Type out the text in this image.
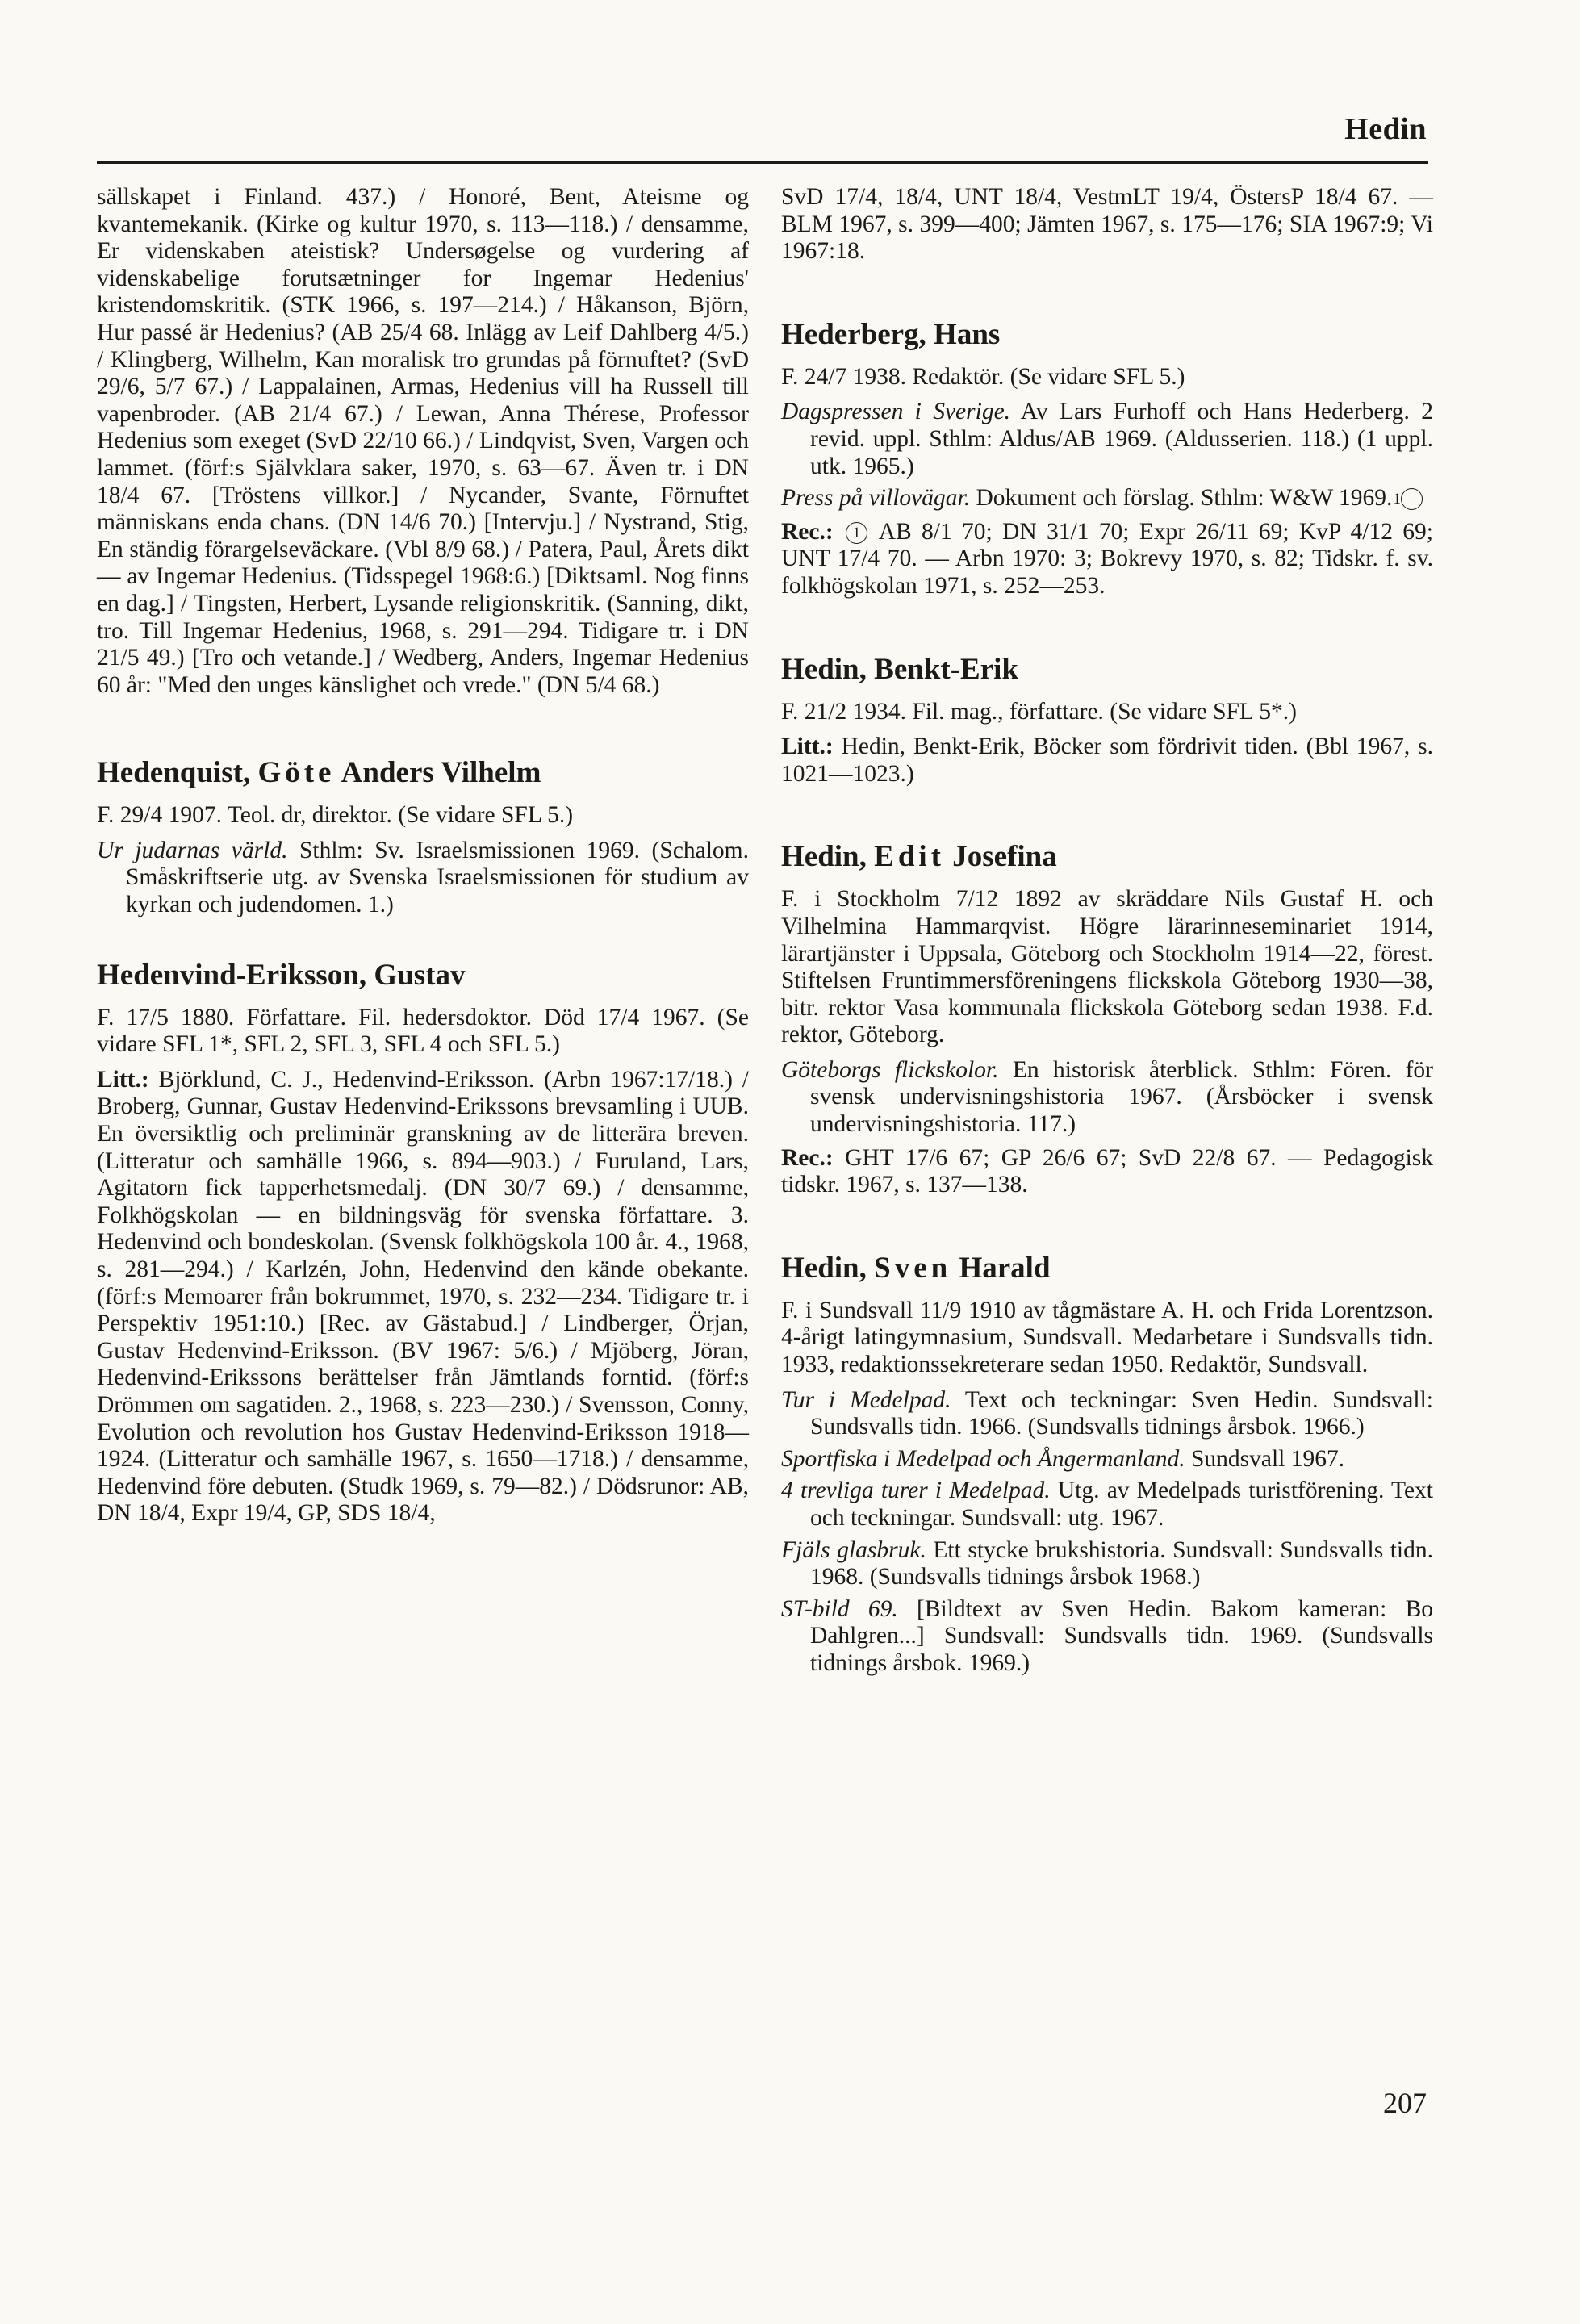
Hedin

sällskapet i Finland. 437.) / Honoré, Bent, Ateisme og kvantemekanik. (Kirke og kultur 1970, s. 113—118.) / densamme, Er videnskaben ateistisk? Undersøgelse og vurdering af videnskabelige forutsætninger for Ingemar Hedenius' kristendomskritik. (STK 1966, s. 197—214.) / Håkanson, Björn, Hur passé är Hedenius? (AB 25/4 68. Inlägg av Leif Dahlberg 4/5.) / Klingberg, Wilhelm, Kan moralisk tro grundas på förnuftet? (SvD 29/6, 5/7 67.) / Lappalainen, Armas, Hedenius vill ha Russell till vapenbroder. (AB 21/4 67.) / Lewan, Anna Thérese, Professor Hedenius som exeget (SvD 22/10 66.) / Lindqvist, Sven, Vargen och lammet. (förf:s Självklara saker, 1970, s. 63—67. Även tr. i DN 18/4 67. [Tröstens villkor.] / Nycander, Svante, Förnuftet människans enda chans. (DN 14/6 70.) [Intervju.] / Nystrand, Stig, En ständig förargelseväckare. (Vbl 8/9 68.) / Patera, Paul, Årets dikt — av Ingemar Hedenius. (Tidsspegel 1968:6.) [Diktsaml. Nog finns en dag.] / Tingsten, Herbert, Lysande religionskritik. (Sanning, dikt, tro. Till Ingemar Hedenius, 1968, s. 291—294. Tidigare tr. i DN 21/5 49.) [Tro och vetande.] / Wedberg, Anders, Ingemar Hedenius 60 år: "Med den unges känslighet och vrede." (DN 5/4 68.)

Hedenquist, Göte Anders Vilhelm

F. 29/4 1907. Teol. dr, direktor. (Se vidare SFL 5.)

Ur judarnas värld. Sthlm: Sv. Israelsmissionen 1969. (Schalom. Småskriftserie utg. av Svenska Israelsmissionen för studium av kyrkan och judendomen. 1.)

Hedenvind-Eriksson, Gustav

F. 17/5 1880. Författare. Fil. hedersdoktor. Död 17/4 1967. (Se vidare SFL 1*, SFL 2, SFL 3, SFL 4 och SFL 5.)

Litt.: Björklund, C. J., Hedenvind-Eriksson. (Arbn 1967:17/18.) / Broberg, Gunnar, Gustav Hedenvind-Erikssons brevsamling i UUB. En översiktlig och preliminär granskning av de litterära breven. (Litteratur och samhälle 1966, s. 894—903.) / Furuland, Lars, Agitatorn fick tapperhetsmedalj. (DN 30/7 69.) / densamme, Folkhögskolan — en bildningsväg för svenska författare. 3. Hedenvind och bondeskolan. (Svensk folkhögskola 100 år. 4., 1968, s. 281—294.) / Karlzén, John, Hedenvind den kände obekante. (förf:s Memoarer från bokrummet, 1970, s. 232—234. Tidigare tr. i Perspektiv 1951:10.) [Rec. av Gästabud.] / Lindberger, Örjan, Gustav Hedenvind-Eriksson. (BV 1967: 5/6.) / Mjöberg, Jöran, Hedenvind-Erikssons berättelser från Jämtlands forntid. (förf:s Drömmen om sagatiden. 2., 1968, s. 223—230.) / Svensson, Conny, Evolution och revolution hos Gustav Hedenvind-Eriksson 1918—1924. (Litteratur och samhälle 1967, s. 1650—1718.) / densamme, Hedenvind före debuten. (Studk 1969, s. 79—82.) / Dödsrunor: AB, DN 18/4, Expr 19/4, GP, SDS 18/4,

SvD 17/4, 18/4, UNT 18/4, VestmLT 19/4, ÖstersP 18/4 67. — BLM 1967, s. 399—400; Jämten 1967, s. 175—176; SIA 1967:9; Vi 1967:18.

Hederberg, Hans

F. 24/7 1938. Redaktör. (Se vidare SFL 5.)

Dagspressen i Sverige. Av Lars Furhoff och Hans Hederberg. 2 revid. uppl. Sthlm: Aldus/AB 1969. (Aldusserien. 118.) (1 uppl. utk. 1965.)

Press på villovägar. Dokument och förslag. Sthlm: W&W 1969. 1

Rec.: 1 AB 8/1 70; DN 31/1 70; Expr 26/11 69; KvP 4/12 69; UNT 17/4 70. — Arbn 1970: 3; Bokrevy 1970, s. 82; Tidskr. f. sv. folkhögskolan 1971, s. 252—253.

Hedin, Benkt-Erik

F. 21/2 1934. Fil. mag., författare. (Se vidare SFL 5*.)

Litt.: Hedin, Benkt-Erik, Böcker som fördrivit tiden. (Bbl 1967, s. 1021—1023.)

Hedin, Edit Josefina

F. i Stockholm 7/12 1892 av skräddare Nils Gustaf H. och Vilhelmina Hammarqvist. Högre lärarinneseminariet 1914, lärartjänster i Uppsala, Göteborg och Stockholm 1914—22, förest. Stiftelsen Fruntimmersföreningens flickskola Göteborg 1930—38, bitr. rektor Vasa kommunala flickskola Göteborg sedan 1938. F.d. rektor, Göteborg.

Göteborgs flickskolor. En historisk återblick. Sthlm: Fören. för svensk undervisningshistoria 1967. (Årsböcker i svensk undervisningshistoria. 117.)

Rec.: GHT 17/6 67; GP 26/6 67; SvD 22/8 67. — Pedagogisk tidskr. 1967, s. 137—138.

Hedin, Sven Harald

F. i Sundsvall 11/9 1910 av tågmästare A. H. och Frida Lorentzson. 4-årigt latingymnasium, Sundsvall. Medarbetare i Sundsvalls tidn. 1933, redaktionssekreterare sedan 1950. Redaktör, Sundsvall.

Tur i Medelpad. Text och teckningar: Sven Hedin. Sundsvall: Sundsvalls tidn. 1966. (Sundsvalls tidnings årsbok. 1966.)

Sportfiska i Medelpad och Ångermanland. Sundsvall 1967.

4 trevliga turer i Medelpad. Utg. av Medelpads turistförening. Text och teckningar. Sundsvall: utg. 1967.

Fjäls glasbruk. Ett stycke brukshistoria. Sundsvall: Sundsvalls tidn. 1968. (Sundsvalls tidnings årsbok 1968.)

ST-bild 69. [Bildtext av Sven Hedin. Bakom kameran: Bo Dahlgren...] Sundsvall: Sundsvalls tidn. 1969. (Sundsvalls tidnings årsbok. 1969.)

207
